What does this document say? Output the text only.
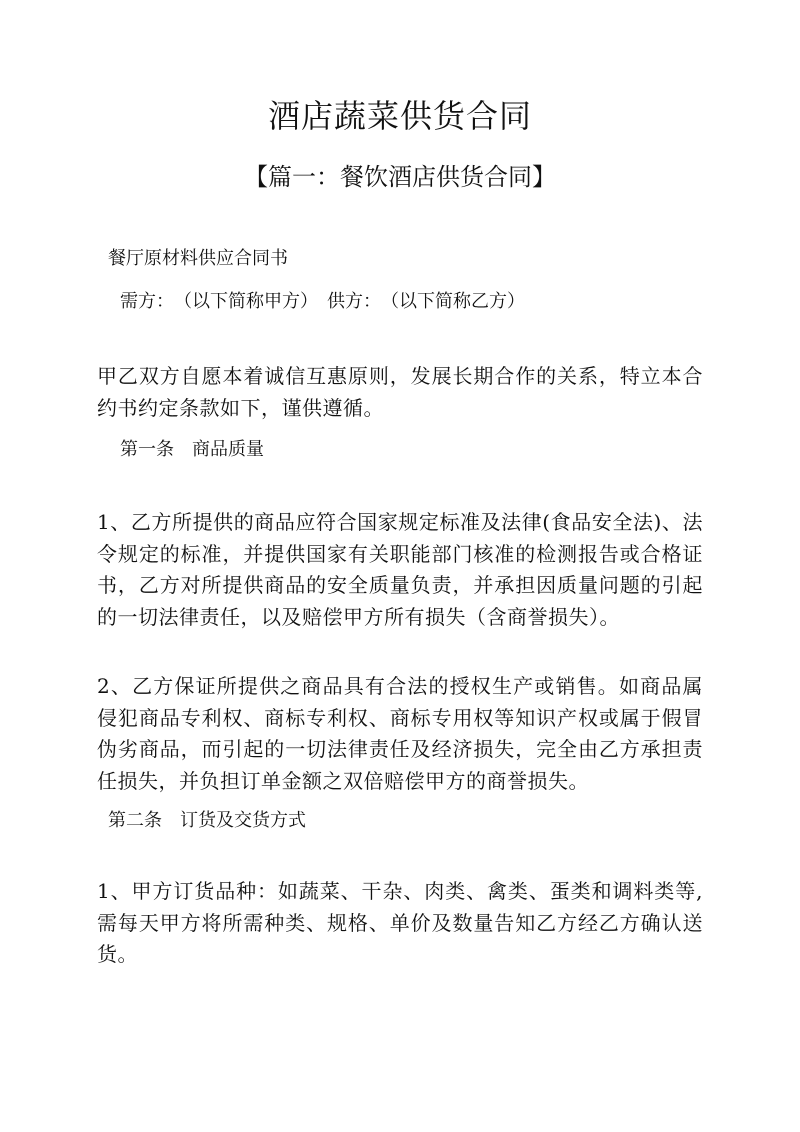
酒店蔬菜供货合同
【篇一：餐饮酒店供货合同】

餐厅原材料供应合同书

需方：　（以下简称甲方）　供方：　（以下简称乙方）

甲乙双方自愿本着诚信互惠原则，发展长期合作的关系，特立本合约书约定条款如下，谨供遵循。

第一条　商品质量

1、乙方所提供的商品应符合国家规定标准及法律(食品安全法)、法令规定的标准，并提供国家有关职能部门核准的检测报告或合格证书，乙方对所提供商品的安全质量负责，并承担因质量问题的引起的一切法律责任，以及赔偿甲方所有损失（含商誉损失）。

2、乙方保证所提供之商品具有合法的授权生产或销售。如商品属侵犯商品专利权、商标专利权、商标专用权等知识产权或属于假冒伪劣商品，而引起的一切法律责任及经济损失，完全由乙方承担责任损失，并负担订单金额之双倍赔偿甲方的商誉损失。

第二条　订货及交货方式

1、甲方订货品种：如蔬菜、干杂、肉类、禽类、蛋类和调料类等,需每天甲方将所需种类、规格、单价及数量告知乙方经乙方确认送货。
